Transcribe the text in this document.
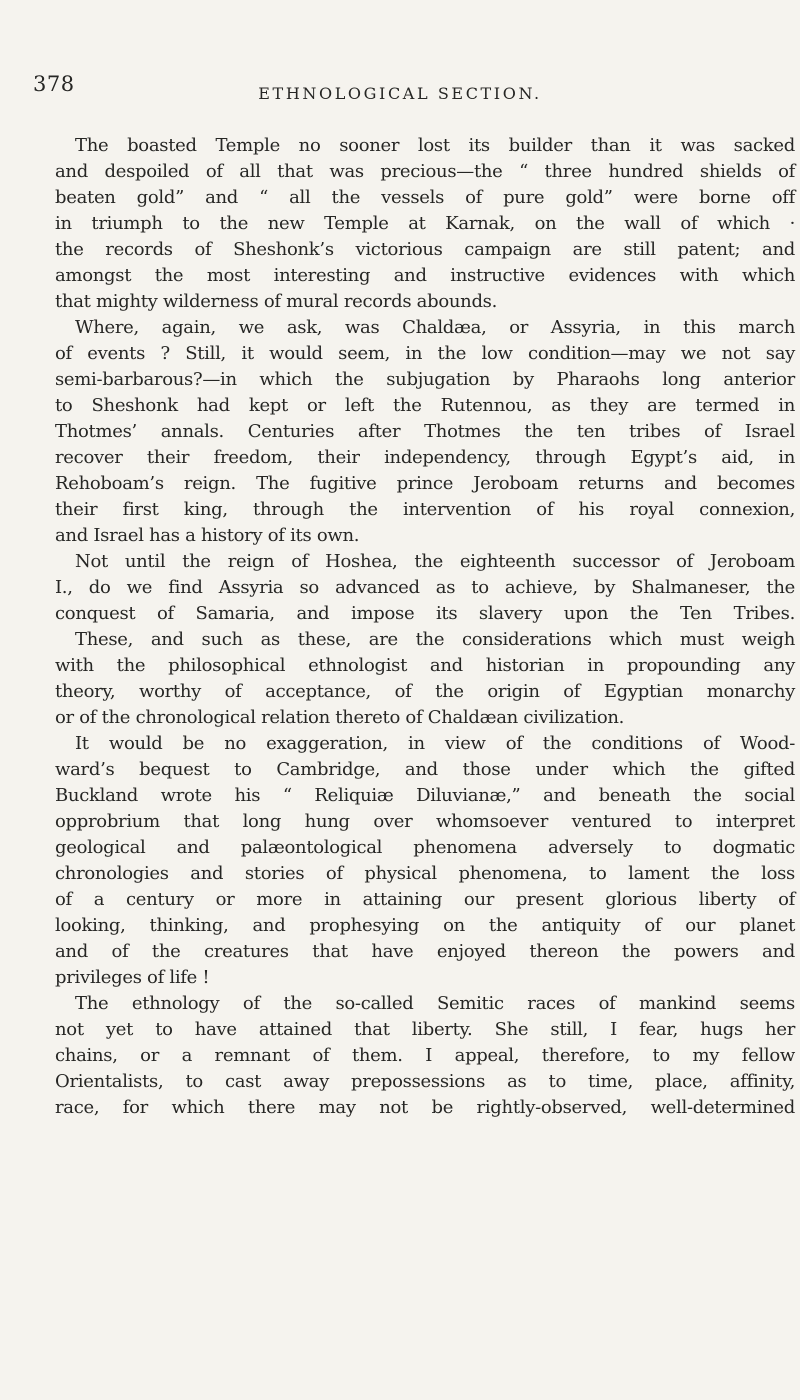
378	ETHNOLOGICAL SECTION.
The boasted Temple no sooner lost its builder than it was sacked
and despoiled of all that was precious—the “ three hundred shields of
beaten gold” and “ all the vessels of pure gold” were borne off
in triumph to the new Temple at Karnak, on the wall of which ·
the records of Sheshonk’s victorious campaign are still patent; and
amongst the most interesting and instructive evidences with which
that mighty wilderness of mural records abounds.
Where, again, we ask, was Chaldæa, or Assyria, in this march
of events ? Still, it would seem, in the low condition—may we not say
semi-barbarous?—in which the subjugation by Pharaohs long anterior
to Sheshonk had kept or left the Rutennou, as they are termed in
Thotmes’ annals. Centuries after Thotmes the ten tribes of Israel
recover their freedom, their independency, through Egypt’s aid, in
Rehoboam’s reign. The fugitive prince Jeroboam returns and becomes
their first king, through the intervention of his royal connexion,
and Israel has a history of its own.
Not until the reign of Hoshea, the eighteenth successor of Jeroboam
I., do we find Assyria so advanced as to achieve, by Shalmaneser, the
conquest of Samaria, and impose its slavery upon the Ten Tribes.
These, and such as these, are the considerations which must weigh
with the philosophical ethnologist and historian in propounding any
theory, worthy of acceptance, of the origin of Egyptian monarchy
or of the chronological relation thereto of Chaldæan civilization.
It would be no exaggeration, in view of the conditions of Wood-
ward’s bequest to Cambridge, and those under which the gifted
Buckland wrote his “ Reliquiæ Diluvianæ,” and beneath the social
opprobrium that long hung over whomsoever ventured to interpret
geological and palæontological phenomena adversely to dogmatic
chronologies and stories of physical phenomena, to lament the loss
of a century or more in attaining our present glorious liberty of
looking, thinking, and prophesying on the antiquity of our planet
and of the creatures that have enjoyed thereon the powers and
privileges of life !
The ethnology of the so-called Semitic races of mankind seems
not yet to have attained that liberty. She still, I fear, hugs her
chains, or a remnant of them. I appeal, therefore, to my fellow
Orientalists, to cast away prepossessions as to time, place, affinity,
race, for which there may not be rightly-observed, well-determined
